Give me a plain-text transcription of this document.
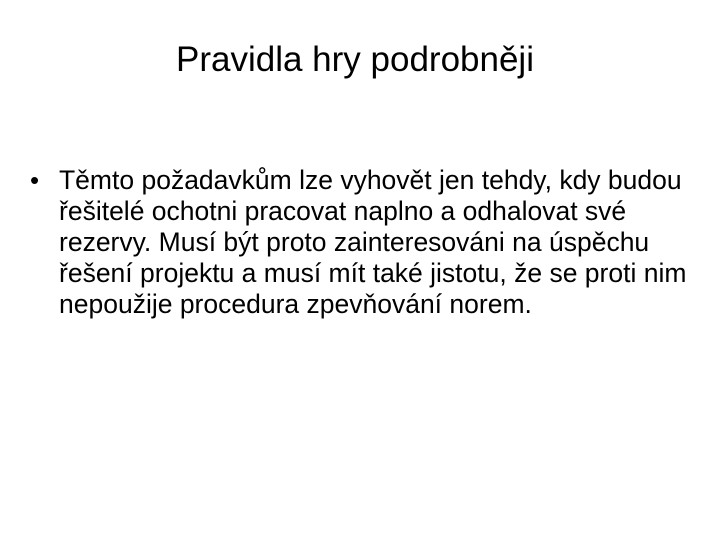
Pravidla hry podrobněji
• Těmto požadavkům lze vyhovět jen tehdy, kdy budou řešitelé ochotni pracovat naplno a odhalovat své rezervy. Musí být proto zainteresováni na úspěchu řešení projektu a musí mít také jistotu, že se proti nim nepoužije procedura zpevňování norem.
